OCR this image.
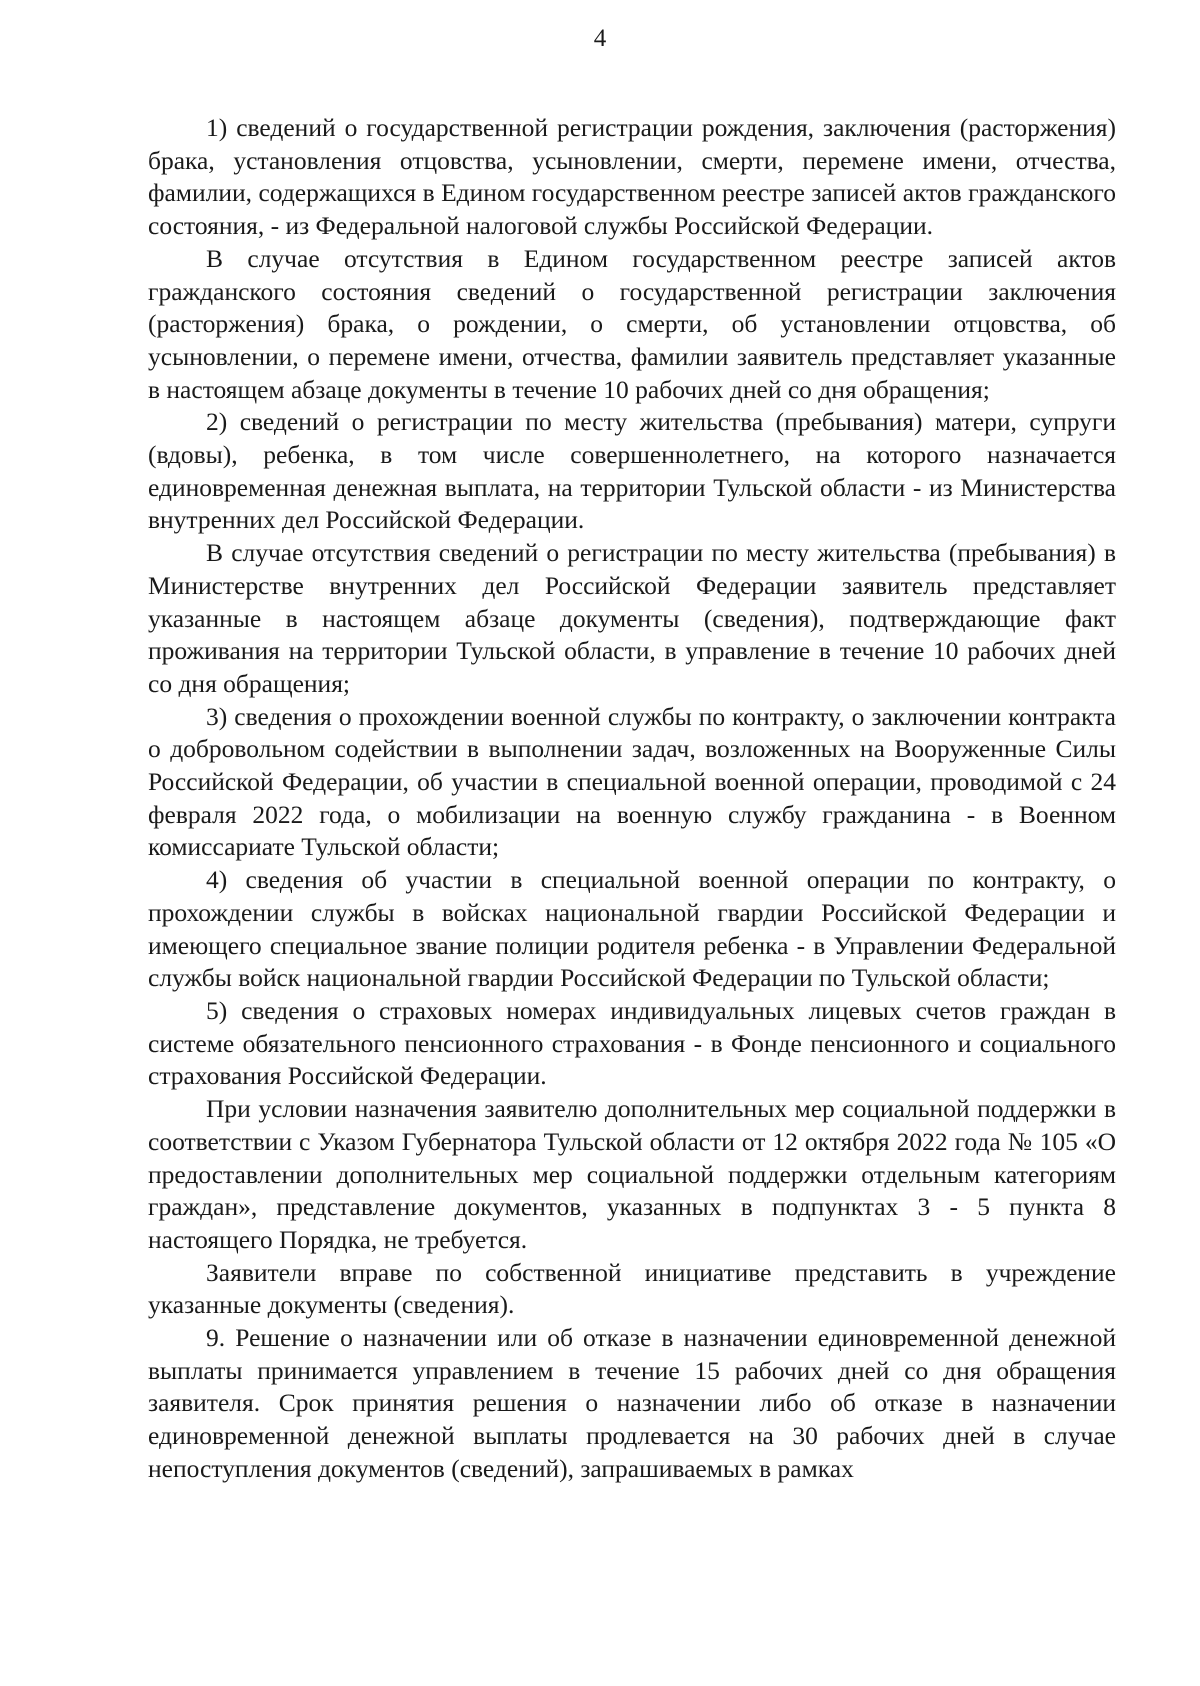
4

1) сведений о государственной регистрации рождения, заключения (расторжения) брака, установления отцовства, усыновлении, смерти, перемене имени, отчества, фамилии, содержащихся в Едином государственном реестре записей актов гражданского состояния, - из Федеральной налоговой службы Российской Федерации.

В случае отсутствия в Едином государственном реестре записей актов гражданского состояния сведений о государственной регистрации заключения (расторжения) брака, о рождении, о смерти, об установлении отцовства, об усыновлении, о перемене имени, отчества, фамилии заявитель представляет указанные в настоящем абзаце документы в течение 10 рабочих дней со дня обращения;

2) сведений о регистрации по месту жительства (пребывания) матери, супруги (вдовы), ребенка, в том числе совершеннолетнего, на которого назначается единовременная денежная выплата, на территории Тульской области - из Министерства внутренних дел Российской Федерации.

В случае отсутствия сведений о регистрации по месту жительства (пребывания) в Министерстве внутренних дел Российской Федерации заявитель представляет указанные в настоящем абзаце документы (сведения), подтверждающие факт проживания на территории Тульской области, в управление в течение 10 рабочих дней со дня обращения;

3) сведения о прохождении военной службы по контракту, о заключении контракта о добровольном содействии в выполнении задач, возложенных на Вооруженные Силы Российской Федерации, об участии в специальной военной операции, проводимой с 24 февраля 2022 года, о мобилизации на военную службу гражданина - в Военном комиссариате Тульской области;

4) сведения об участии в специальной военной операции по контракту, о прохождении службы в войсках национальной гвардии Российской Федерации и имеющего специальное звание полиции родителя ребенка - в Управлении Федеральной службы войск национальной гвардии Российской Федерации по Тульской области;

5) сведения о страховых номерах индивидуальных лицевых счетов граждан в системе обязательного пенсионного страхования - в Фонде пенсионного и социального страхования Российской Федерации.

При условии назначения заявителю дополнительных мер социальной поддержки в соответствии с Указом Губернатора Тульской области от 12 октября 2022 года № 105 «О предоставлении дополнительных мер социальной поддержки отдельным категориям граждан», представление документов, указанных в подпунктах 3 - 5 пункта 8 настоящего Порядка, не требуется.

Заявители вправе по собственной инициативе представить в учреждение указанные документы (сведения).

9. Решение о назначении или об отказе в назначении единовременной денежной выплаты принимается управлением в течение 15 рабочих дней со дня обращения заявителя. Срок принятия решения о назначении либо об отказе в назначении единовременной денежной выплаты продлевается на 30 рабочих дней в случае непоступления документов (сведений), запрашиваемых в рамках
